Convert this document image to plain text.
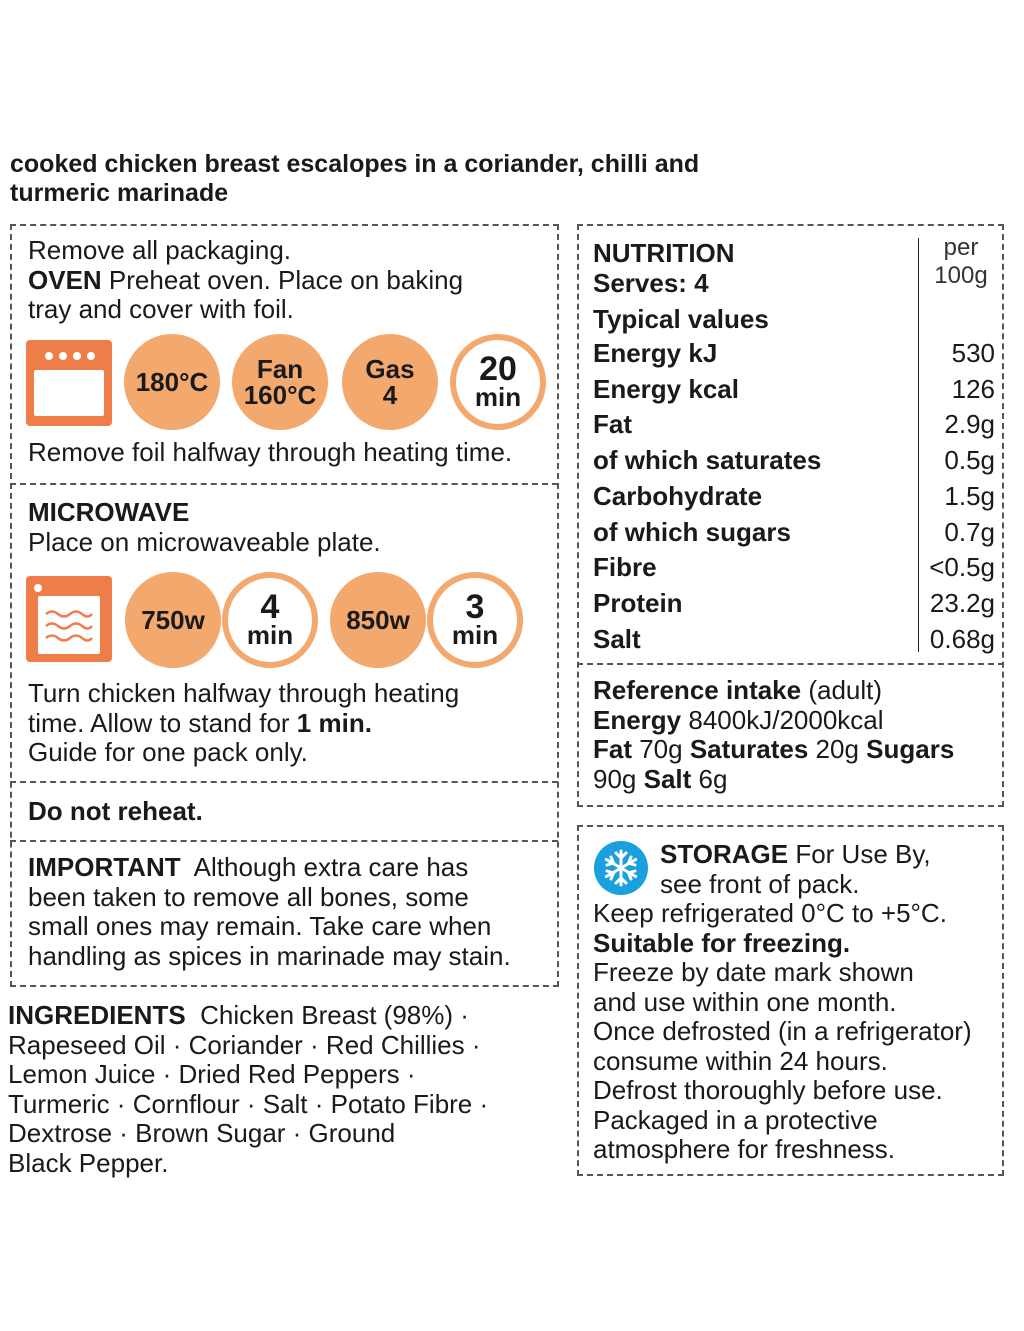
cooked chicken breast escalopes in a coriander, chilli and
turmeric marinade
Remove all packaging.
OVEN Preheat oven. Place on baking
tray and cover with foil.
180°C Fan
160°C
Gas
4
20
min
Remove foil halfway through heating time.
MICROWAVE
Place on microwaveable plate.
750w 4
min 850w 3
min
Turn chicken halfway through heating
time. Allow to stand for 1 min.
Guide for one pack only.
Do not reheat.
IMPORTANT  Although extra care has
been taken to remove all bones, some
small ones may remain. Take care when
handling as spices in marinade may stain.
INGREDIENTS  Chicken Breast (98%) ·
Rapeseed Oil · Coriander · Red Chillies ·
Lemon Juice · Dried Red Peppers ·
Turmeric · Cornflour · Salt · Potato Fibre ·
Dextrose · Brown Sugar · Ground
Black Pepper.
NUTRITION
Serves: 4
Typical values
per
100g
Energy kJ	530
Energy kcal	126
Fat	2.9g
of which saturates	0.5g
Carbohydrate	1.5g
of which sugars	0.7g
Fibre	<0.5g
Protein	23.2g
Salt	0.68g
Reference intake (adult)
Energy 8400kJ/2000kcal
Fat 70g Saturates 20g Sugars
90g Salt 6g
STORAGE For Use By,
see front of pack.
Keep refrigerated 0°C to +5°C.
Suitable for freezing.
Freeze by date mark shown
and use within one month.
Once defrosted (in a refrigerator)
consume within 24 hours.
Defrost thoroughly before use.
Packaged in a protective
atmosphere for freshness.
